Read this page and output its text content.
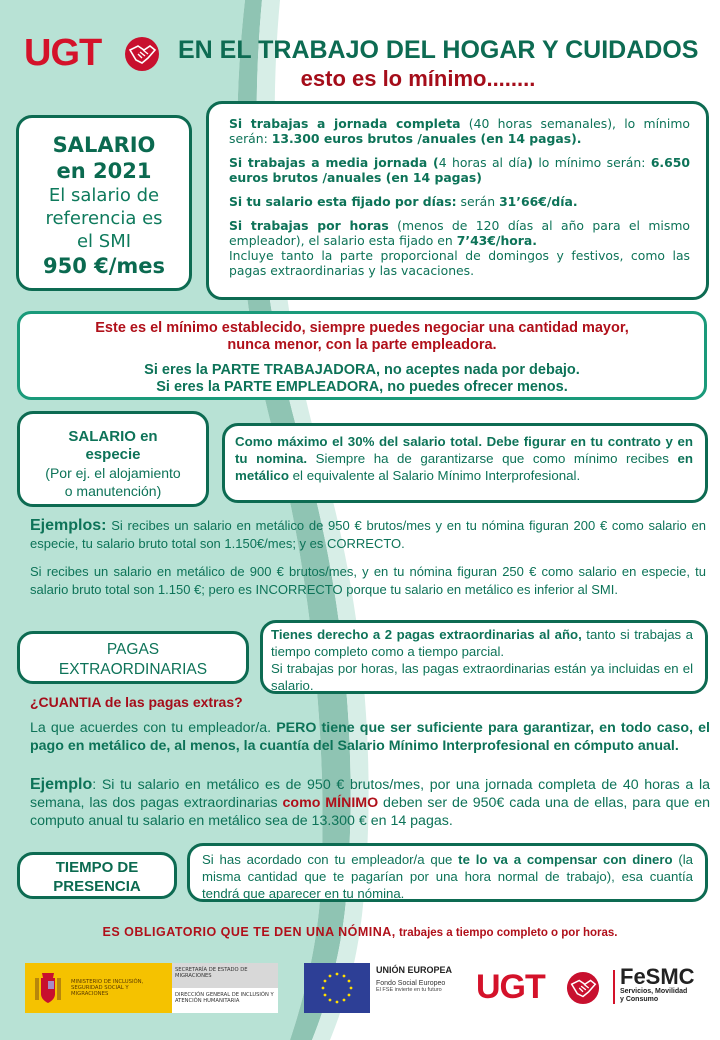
UGT	EN EL TRABAJO DEL HOGAR Y CUIDADOS
esto es lo mínimo........
SALARIO
en 2021
El salario de
referencia es
el SMI
950 €/mes

Si trabajas a jornada completa (40 horas semanales), lo mínimo serán: 13.300 euros brutos /anuales (en 14 pagas).

Si trabajas a media jornada (4 horas al día) lo mínimo serán: 6.650 euros brutos /anuales (en 14 pagas)

Si tu salario esta fijado por días: serán 31’66€/día.

Si trabajas por horas (menos de 120 días al año para el mismo empleador), el salario esta fijado en 7’43€/hora.
Incluye tanto la parte proporcional de domingos y festivos, como las pagas extraordinarias y las vacaciones.

Este es el mínimo establecido, siempre puedes negociar una cantidad mayor,
nunca menor, con la parte empleadora.

Si eres la PARTE TRABAJADORA, no aceptes nada por debajo.
Si eres la PARTE EMPLEADORA, no puedes ofrecer menos.

SALARIO en
especie
(Por ej. el alojamiento
o manutención)
Como máximo el 30% del salario total. Debe figurar en tu contrato y en tu nomina. Siempre ha de garantizarse que como mínimo recibes en metálico el equivalente al Salario Mínimo Interprofesional.
Ejemplos: Si recibes un salario en metálico de 950 € brutos/mes y en tu nómina figuran 200 € como salario en especie, tu salario bruto total son 1.150€/mes; y es CORRECTO.
Si recibes un salario en metálico de 900 € brutos/mes, y en tu nómina figuran 250 € como salario en especie, tu salario bruto total son 1.150 €; pero es INCORRECTO porque tu salario en metálico es inferior al SMI.
PAGAS
EXTRAORDINARIAS
Tienes derecho a 2 pagas extraordinarias al año, tanto si trabajas a tiempo completo como a tiempo parcial.
Si trabajas por horas, las pagas extraordinarias están ya incluidas en el salario.
¿CUANTIA de las pagas extras?
La que acuerdes con tu empleador/a. PERO tiene que ser suficiente para garantizar, en todo caso, el pago en metálico de, al menos, la cuantía del Salario Mínimo Interprofesional en cómputo anual.
Ejemplo: Si tu salario en metálico es de 950 € brutos/mes, por una jornada completa de 40 horas a la semana, las dos pagas extraordinarias como MÍNIMO deben ser de 950€ cada una de ellas, para que en computo anual tu salario en metálico sea de 13.300 € en 14 pagas.
TIEMPO DE
PRESENCIA
Si has acordado con tu empleador/a que te lo va a compensar con dinero (la misma cantidad que te pagarían por una hora normal de trabajo), esa cuantía tendrá que aparecer en tu nómina.
ES OBLIGATORIO QUE TE DEN UNA NÓMINA, trabajes a tiempo completo o por horas.
MINISTERIO DE INCLUSIÓN, SEGURIDAD SOCIAL Y MIGRACIONES
SECRETARÍA DE ESTADO DE MIGRACIONES
DIRECCIÓN GENERAL DE INCLUSIÓN Y ATENCIÓN HUMANITARIA
UNIÓN EUROPEA
Fondo Social Europeo
El FSE invierte en tu futuro	UGT	FeSMC
Servicios, Movilidad
y Consumo
